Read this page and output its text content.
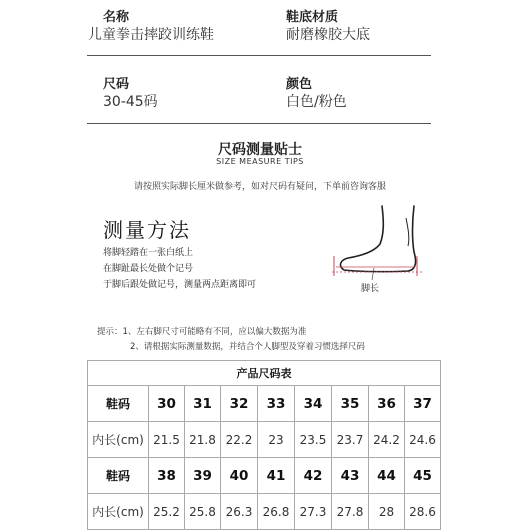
名称
儿童拳击摔跤训练鞋
鞋底材质
耐磨橡胶大底
尺码
30-45码
颜色
白色/粉色
尺码测量贴士
SIZE MEASURE TIPS
请按照实际脚长厘米做参考，如对尺码有疑问，下单前咨询客服
测量方法
将脚轻踏在一张白纸上
在脚趾最长处做个记号
于脚后跟处做记号，测量两点距离即可	脚长
提示：1、左右脚尺寸可能略有不同，应以偏大数据为准
2、请根据实际测量数据，并结合个人脚型及穿着习惯选择尺码
产品尺码表								
鞋码	30	31	32	33	34	35	36	37
内长(cm)	21.5	21.8	22.2	23	23.5	23.7	24.2	24.6
鞋码	38	39	40	41	42	43	44	45
内长(cm)	25.2	25.8	26.3	26.8	27.3	27.8	28	28.6
